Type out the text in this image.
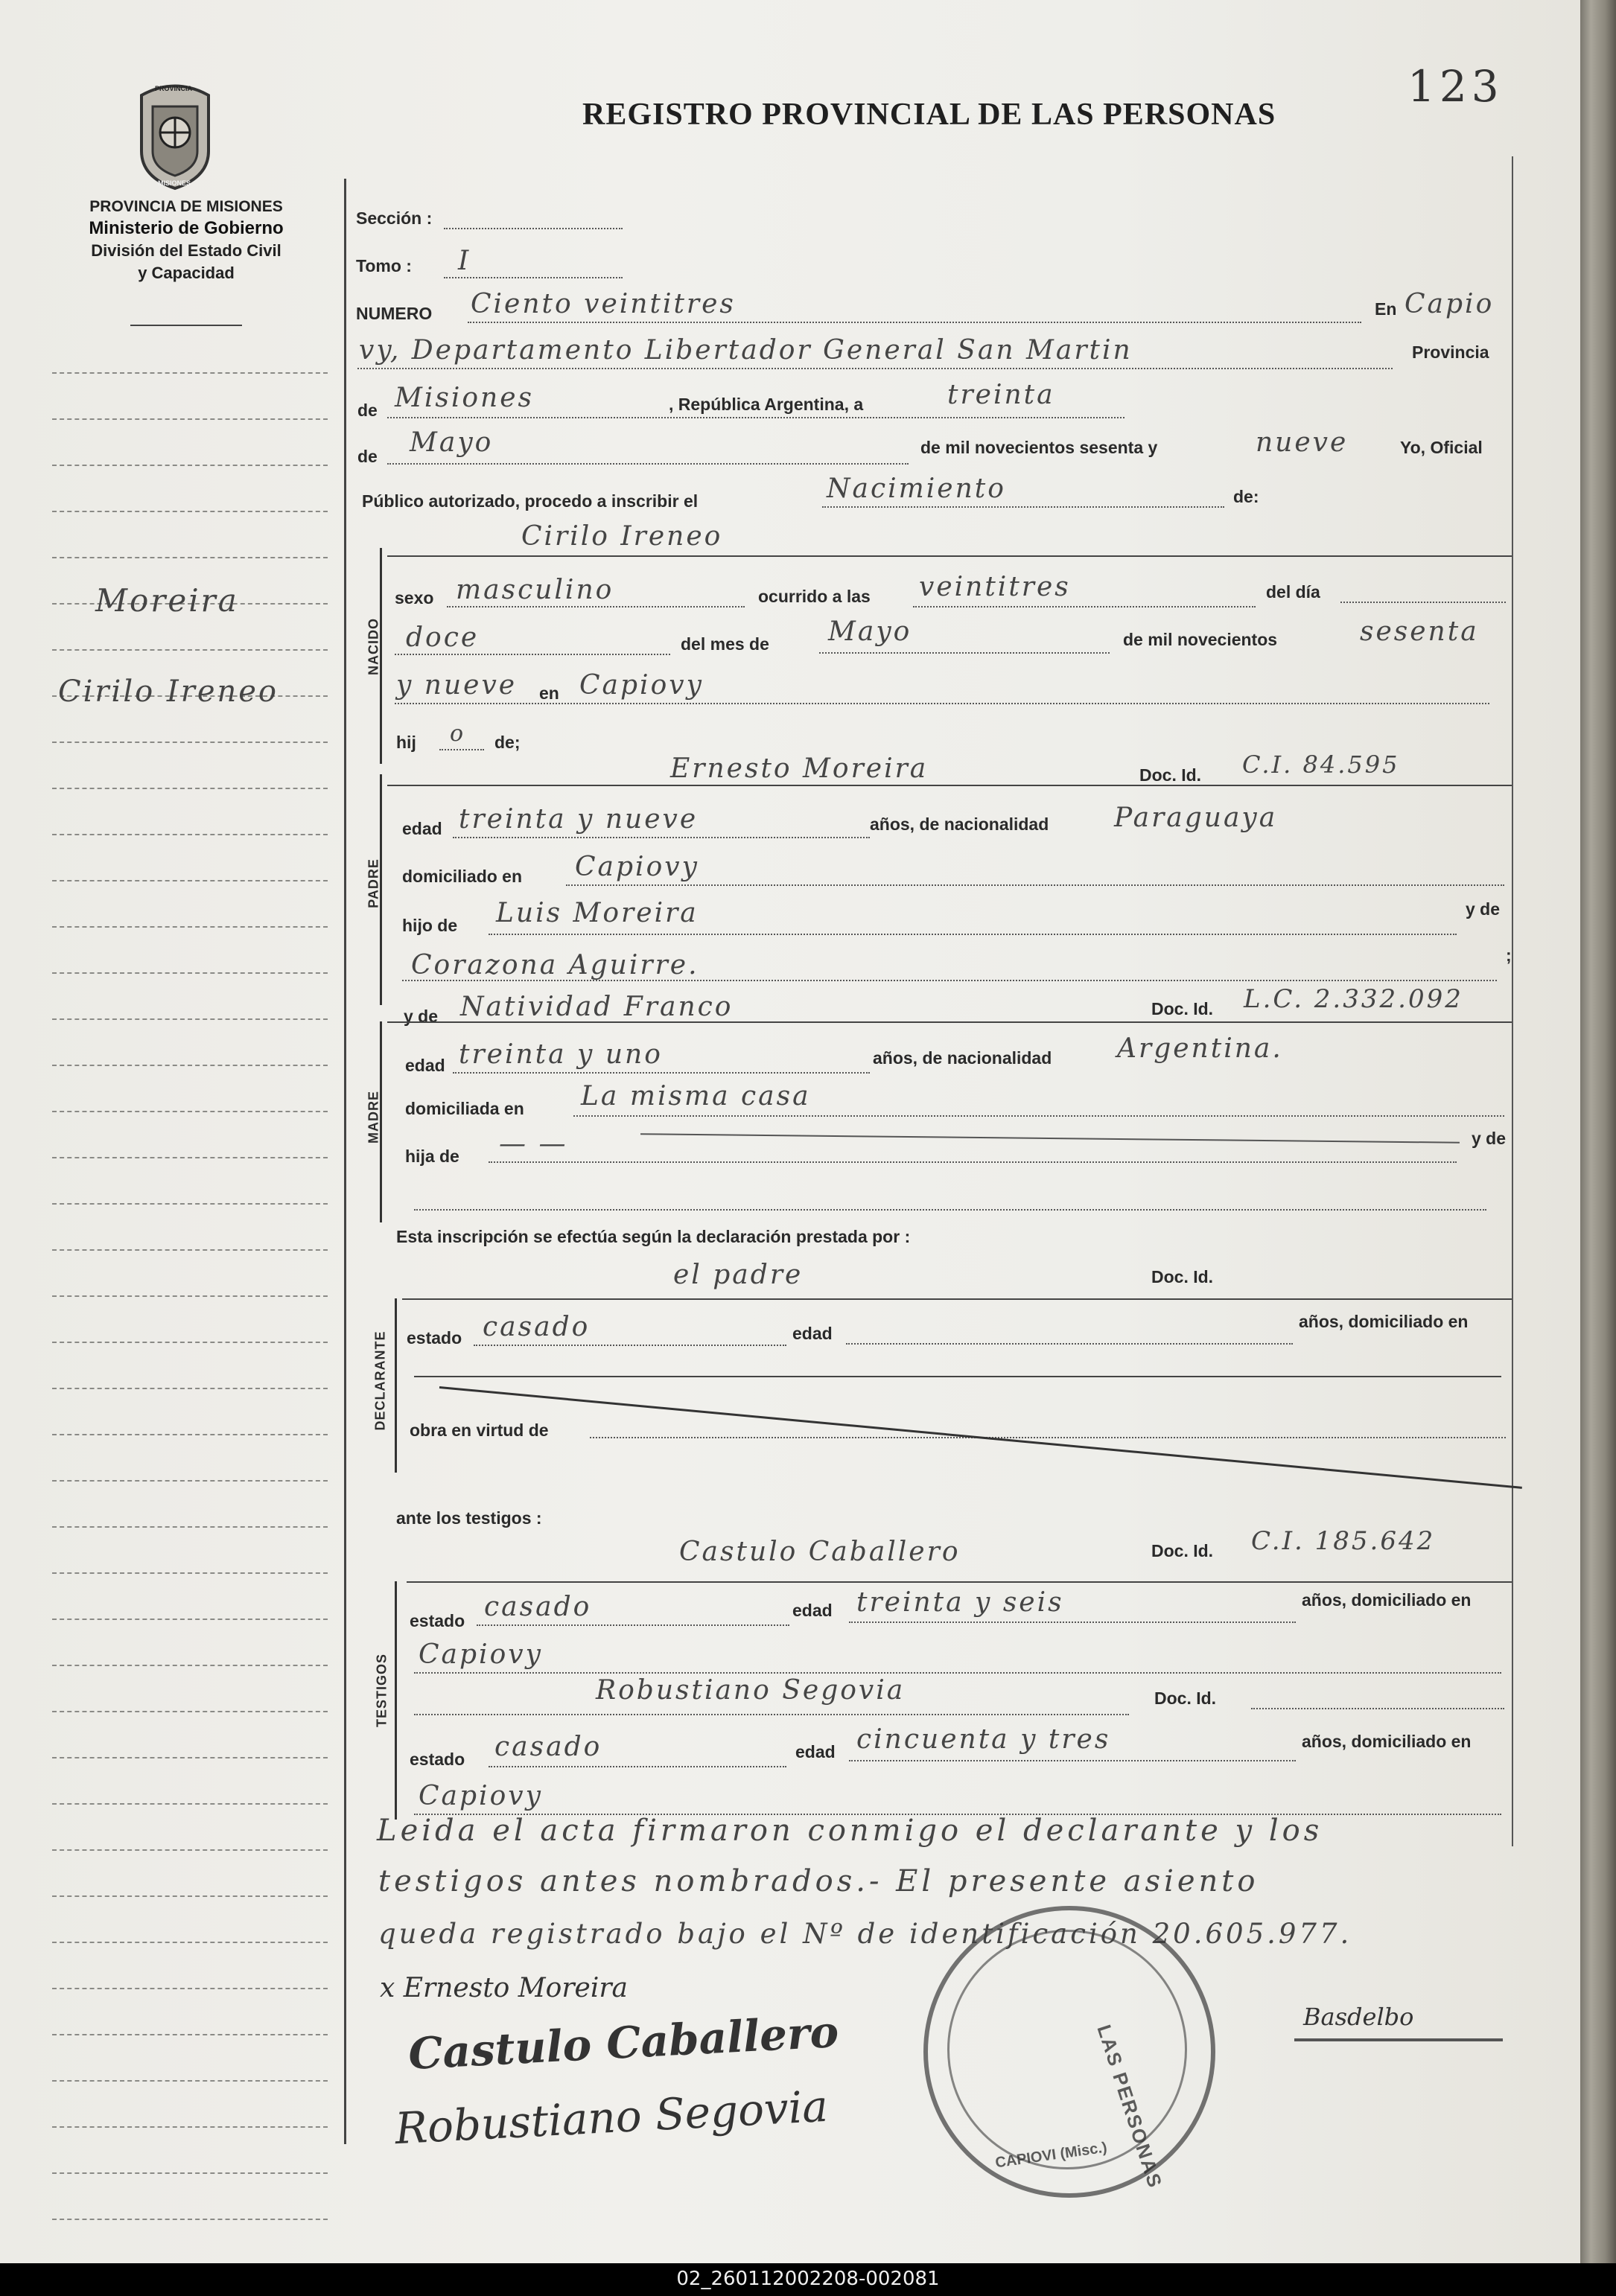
123
REGISTRO PROVINCIAL DE LAS PERSONAS
PROVINCIA
MISIONES
PROVINCIA DE MISIONES
Ministerio de Gobierno
División del Estado Civil
y Capacidad
Moreira
Cirilo Ireneo
Sección :
Tomo : I
NUMERO Ciento veintitres	En Capio
vy, Departamento Libertador General San Martin	Provincia
de Misiones	, República Argentina, a	treinta
de Mayo	de mil novecientos sesenta y	nueve	Yo, Oficial
Público autorizado, procedo a inscribir el	Nacimiento	de:
NACIDO
Cirilo Ireneo
sexo masculino	ocurrido a las veintitres	del día
doce	del mes de Mayo	de mil novecientos	sesenta
y nueve en Capiovy
hij o de;
PADRE
Ernesto Moreira	Doc. Id. C.I. 84.595
edad treinta y nueve	años, de nacionalidad Paraguaya
domiciliado en Capiovy
hijo de Luis Moreira	y de
Corazona Aguirre.	;
MADRE
y de Natividad Franco	Doc. Id. L.C. 2.332.092
edad treinta y uno	años, de nacionalidad Argentina.
domiciliada en La misma casa
hija de — —	y de
Esta inscripción se efectúa según la declaración prestada por :
DECLARANTE
el padre	Doc. Id.
estado casado	edad
años, domiciliado en
obra en virtud de
ante los testigos :
TESTIGOS
Castulo Caballero	Doc. Id. C.I. 185.642
estado casado	edad treinta y seis	años, domiciliado en
Capiovy
Robustiano Segovia	Doc. Id.
estado casado	edad cincuenta y tres	años, domiciliado en
Capiovy
Leida el acta firmaron conmigo el declarante y los
testigos antes nombrados.- El presente asiento
queda registrado bajo el Nº de identificación 20.605.977.
x Ernesto Moreira
Castulo Caballero
Robustiano Segovia
Basdelbo
LAS PERSONAS
CAPIOVI (Misc.)
02_260112002208-002081
